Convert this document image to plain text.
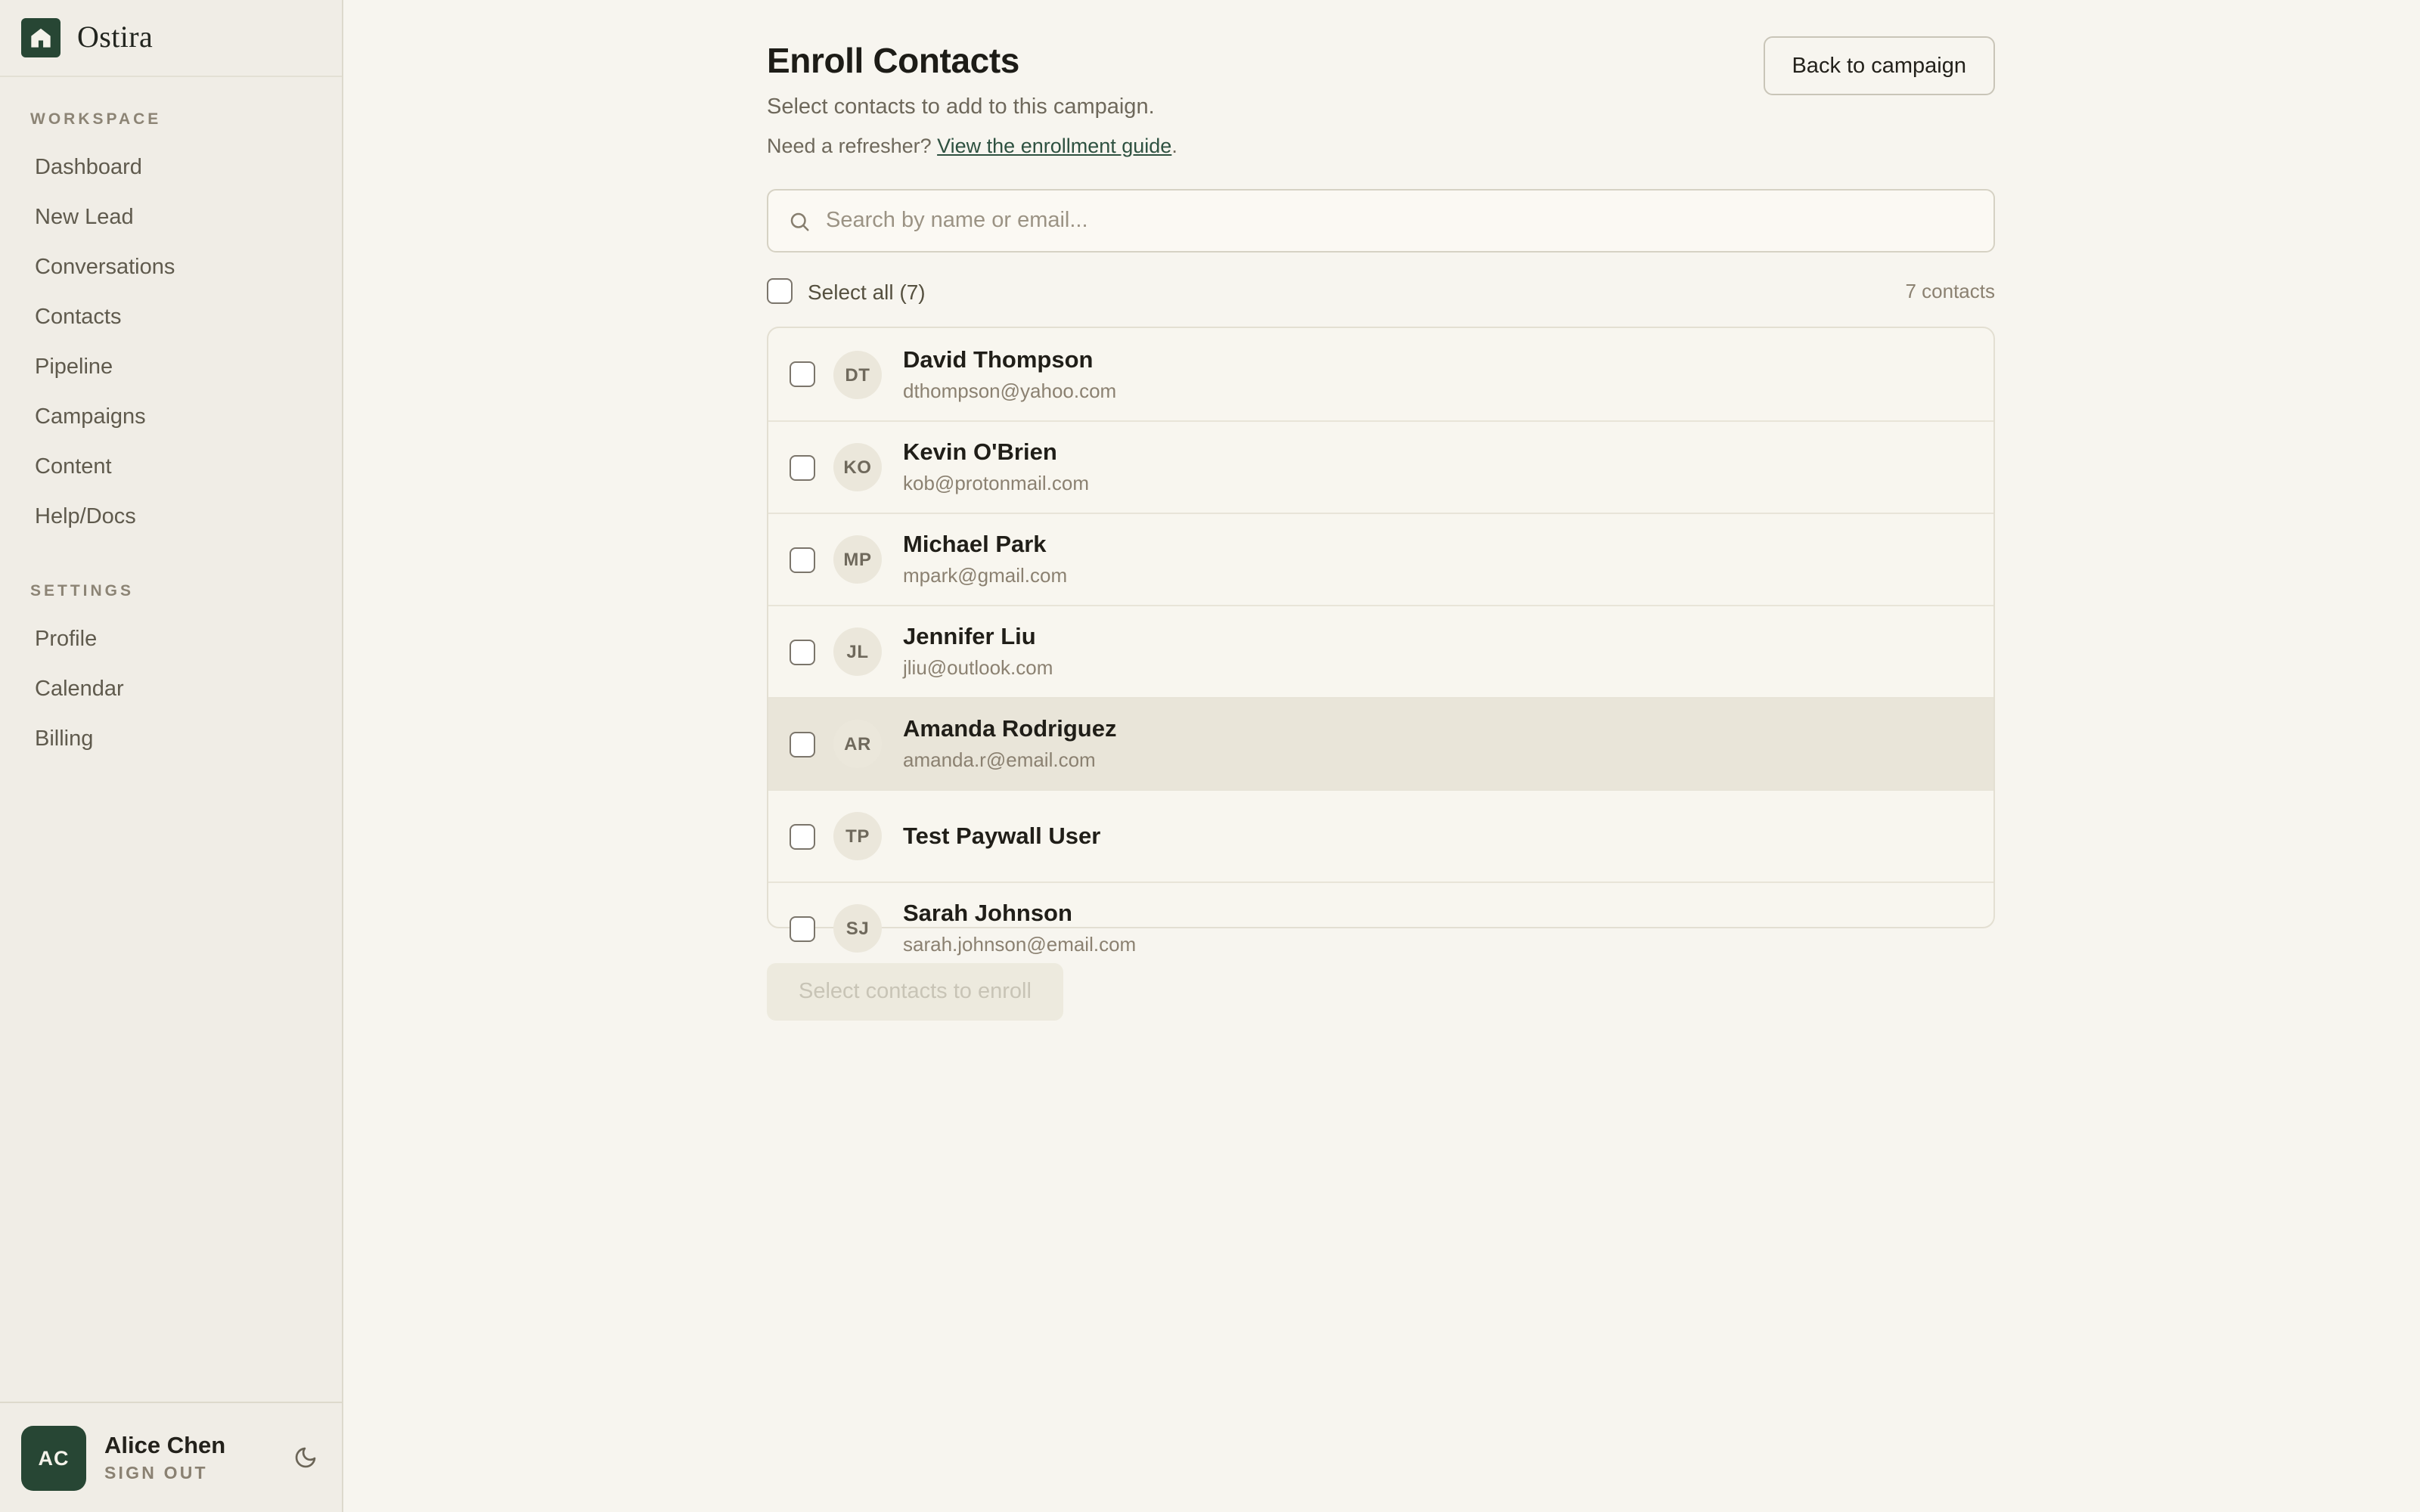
Ostira
WORKSPACE
Dashboard
New Lead
Conversations
Contacts
Pipeline
Campaigns
Content
Help/Docs
SETTINGS
Profile
Calendar
Billing
AC	Alice Chen
SIGN OUT
Back to campaign
Enroll Contacts

Select contacts to add to this campaign.

Need a refresher? View the enrollment guide.

Search by name or email...
Select all (7)	7 contacts
DT
David Thompson
dthompson@yahoo.com
KO
Kevin O'Brien
kob@protonmail.com
MP
Michael Park
mpark@gmail.com
JL
Jennifer Liu
jliu@outlook.com
AR
Amanda Rodriguez
amanda.r@email.com
TP	Test Paywall User
SJ
Sarah Johnson
sarah.johnson@email.com
Select contacts to enroll
